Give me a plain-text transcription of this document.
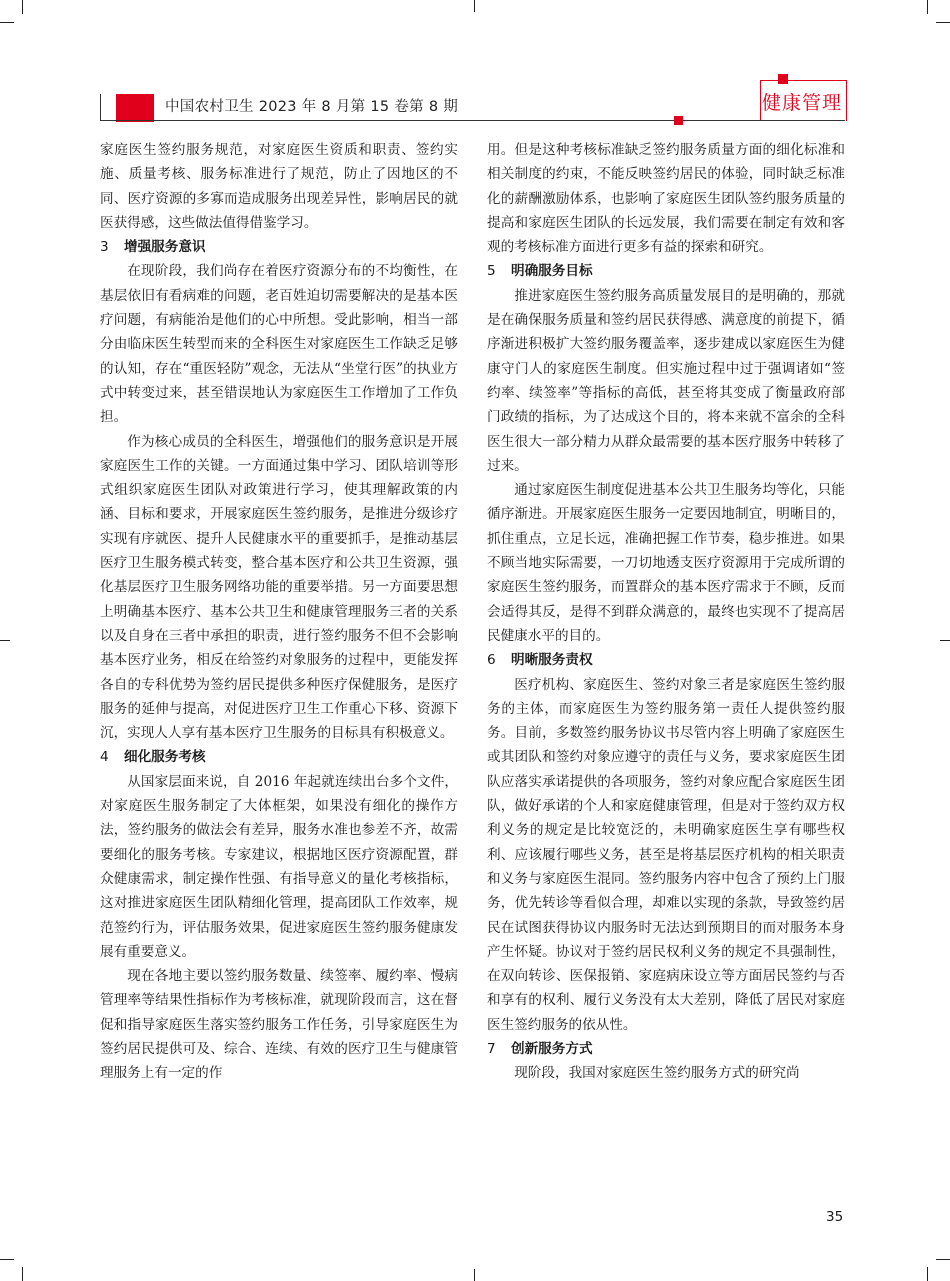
中国农村卫生 2023 年 8 月第 15 卷第 8 期	健康管理

家庭医生签约服务规范，对家庭医生资质和职责、签约实施、质量考核、服务标准进行了规范，防止了因地区的不同、医疗资源的多寡而造成服务出现差异性，影响居民的就医获得感，这些做法值得借鉴学习。

3 增强服务意识

在现阶段，我们尚存在着医疗资源分布的不均衡性，在基层依旧有看病难的问题，老百姓迫切需要解决的是基本医疗问题，有病能治是他们的心中所想。受此影响，相当一部分由临床医生转型而来的全科医生对家庭医生工作缺乏足够的认知，存在“重医轻防”观念，无法从“坐堂行医”的执业方式中转变过来，甚至错误地认为家庭医生工作增加了工作负担。

作为核心成员的全科医生，增强他们的服务意识是开展家庭医生工作的关键。一方面通过集中学习、团队培训等形式组织家庭医生团队对政策进行学习，使其理解政策的内涵、目标和要求，开展家庭医生签约服务，是推进分级诊疗实现有序就医、提升人民健康水平的重要抓手，是推动基层医疗卫生服务模式转变，整合基本医疗和公共卫生资源，强化基层医疗卫生服务网络功能的重要举措。另一方面要思想上明确基本医疗、基本公共卫生和健康管理服务三者的关系以及自身在三者中承担的职责，进行签约服务不但不会影响基本医疗业务，相反在给签约对象服务的过程中，更能发挥各自的专科优势为签约居民提供多种医疗保健服务，是医疗服务的延伸与提高，对促进医疗卫生工作重心下移、资源下沉，实现人人享有基本医疗卫生服务的目标具有积极意义。

4 细化服务考核

从国家层面来说，自 2016 年起就连续出台多个文件，对家庭医生服务制定了大体框架，如果没有细化的操作方法，签约服务的做法会有差异，服务水准也参差不齐，故需要细化的服务考核。专家建议，根据地区医疗资源配置，群众健康需求，制定操作性强、有指导意义的量化考核指标，这对推进家庭医生团队精细化管理，提高团队工作效率，规范签约行为，评估服务效果，促进家庭医生签约服务健康发展有重要意义。

现在各地主要以签约服务数量、续签率、履约率、慢病管理率等结果性指标作为考核标准，就现阶段而言，这在督促和指导家庭医生落实签约服务工作任务，引导家庭医生为签约居民提供可及、综合、连续、有效的医疗卫生与健康管理服务上有一定的作

用。但是这种考核标准缺乏签约服务质量方面的细化标准和相关制度的约束，不能反映签约居民的体验，同时缺乏标准化的薪酬激励体系，也影响了家庭医生团队签约服务质量的提高和家庭医生团队的长远发展，我们需要在制定有效和客观的考核标准方面进行更多有益的探索和研究。

5 明确服务目标

推进家庭医生签约服务高质量发展目的是明确的，那就是在确保服务质量和签约居民获得感、满意度的前提下，循序渐进积极扩大签约服务覆盖率，逐步建成以家庭医生为健康守门人的家庭医生制度。但实施过程中过于强调诸如“签约率、续签率”等指标的高低，甚至将其变成了衡量政府部门政绩的指标，为了达成这个目的，将本来就不富余的全科医生很大一部分精力从群众最需要的基本医疗服务中转移了过来。

通过家庭医生制度促进基本公共卫生服务均等化，只能循序渐进。开展家庭医生服务一定要因地制宜，明晰目的，抓住重点，立足长远，准确把握工作节奏，稳步推进。如果不顾当地实际需要，一刀切地透支医疗资源用于完成所谓的家庭医生签约服务，而置群众的基本医疗需求于不顾，反而会适得其反，是得不到群众满意的，最终也实现不了提高居民健康水平的目的。

6 明晰服务责权

医疗机构、家庭医生、签约对象三者是家庭医生签约服务的主体，而家庭医生为签约服务第一责任人提供签约服务。目前，多数签约服务协议书尽管内容上明确了家庭医生或其团队和签约对象应遵守的责任与义务，要求家庭医生团队应落实承诺提供的各项服务，签约对象应配合家庭医生团队，做好承诺的个人和家庭健康管理，但是对于签约双方权利义务的规定是比较宽泛的，未明确家庭医生享有哪些权利、应该履行哪些义务，甚至是将基层医疗机构的相关职责和义务与家庭医生混同。签约服务内容中包含了预约上门服务，优先转诊等看似合理，却难以实现的条款，导致签约居民在试图获得协议内服务时无法达到预期目的而对服务本身产生怀疑。协议对于签约居民权利义务的规定不具强制性，在双向转诊、医保报销、家庭病床设立等方面居民签约与否和享有的权利、履行义务没有太大差别，降低了居民对家庭医生签约服务的依从性。

7 创新服务方式

现阶段，我国对家庭医生签约服务方式的研究尚

35
